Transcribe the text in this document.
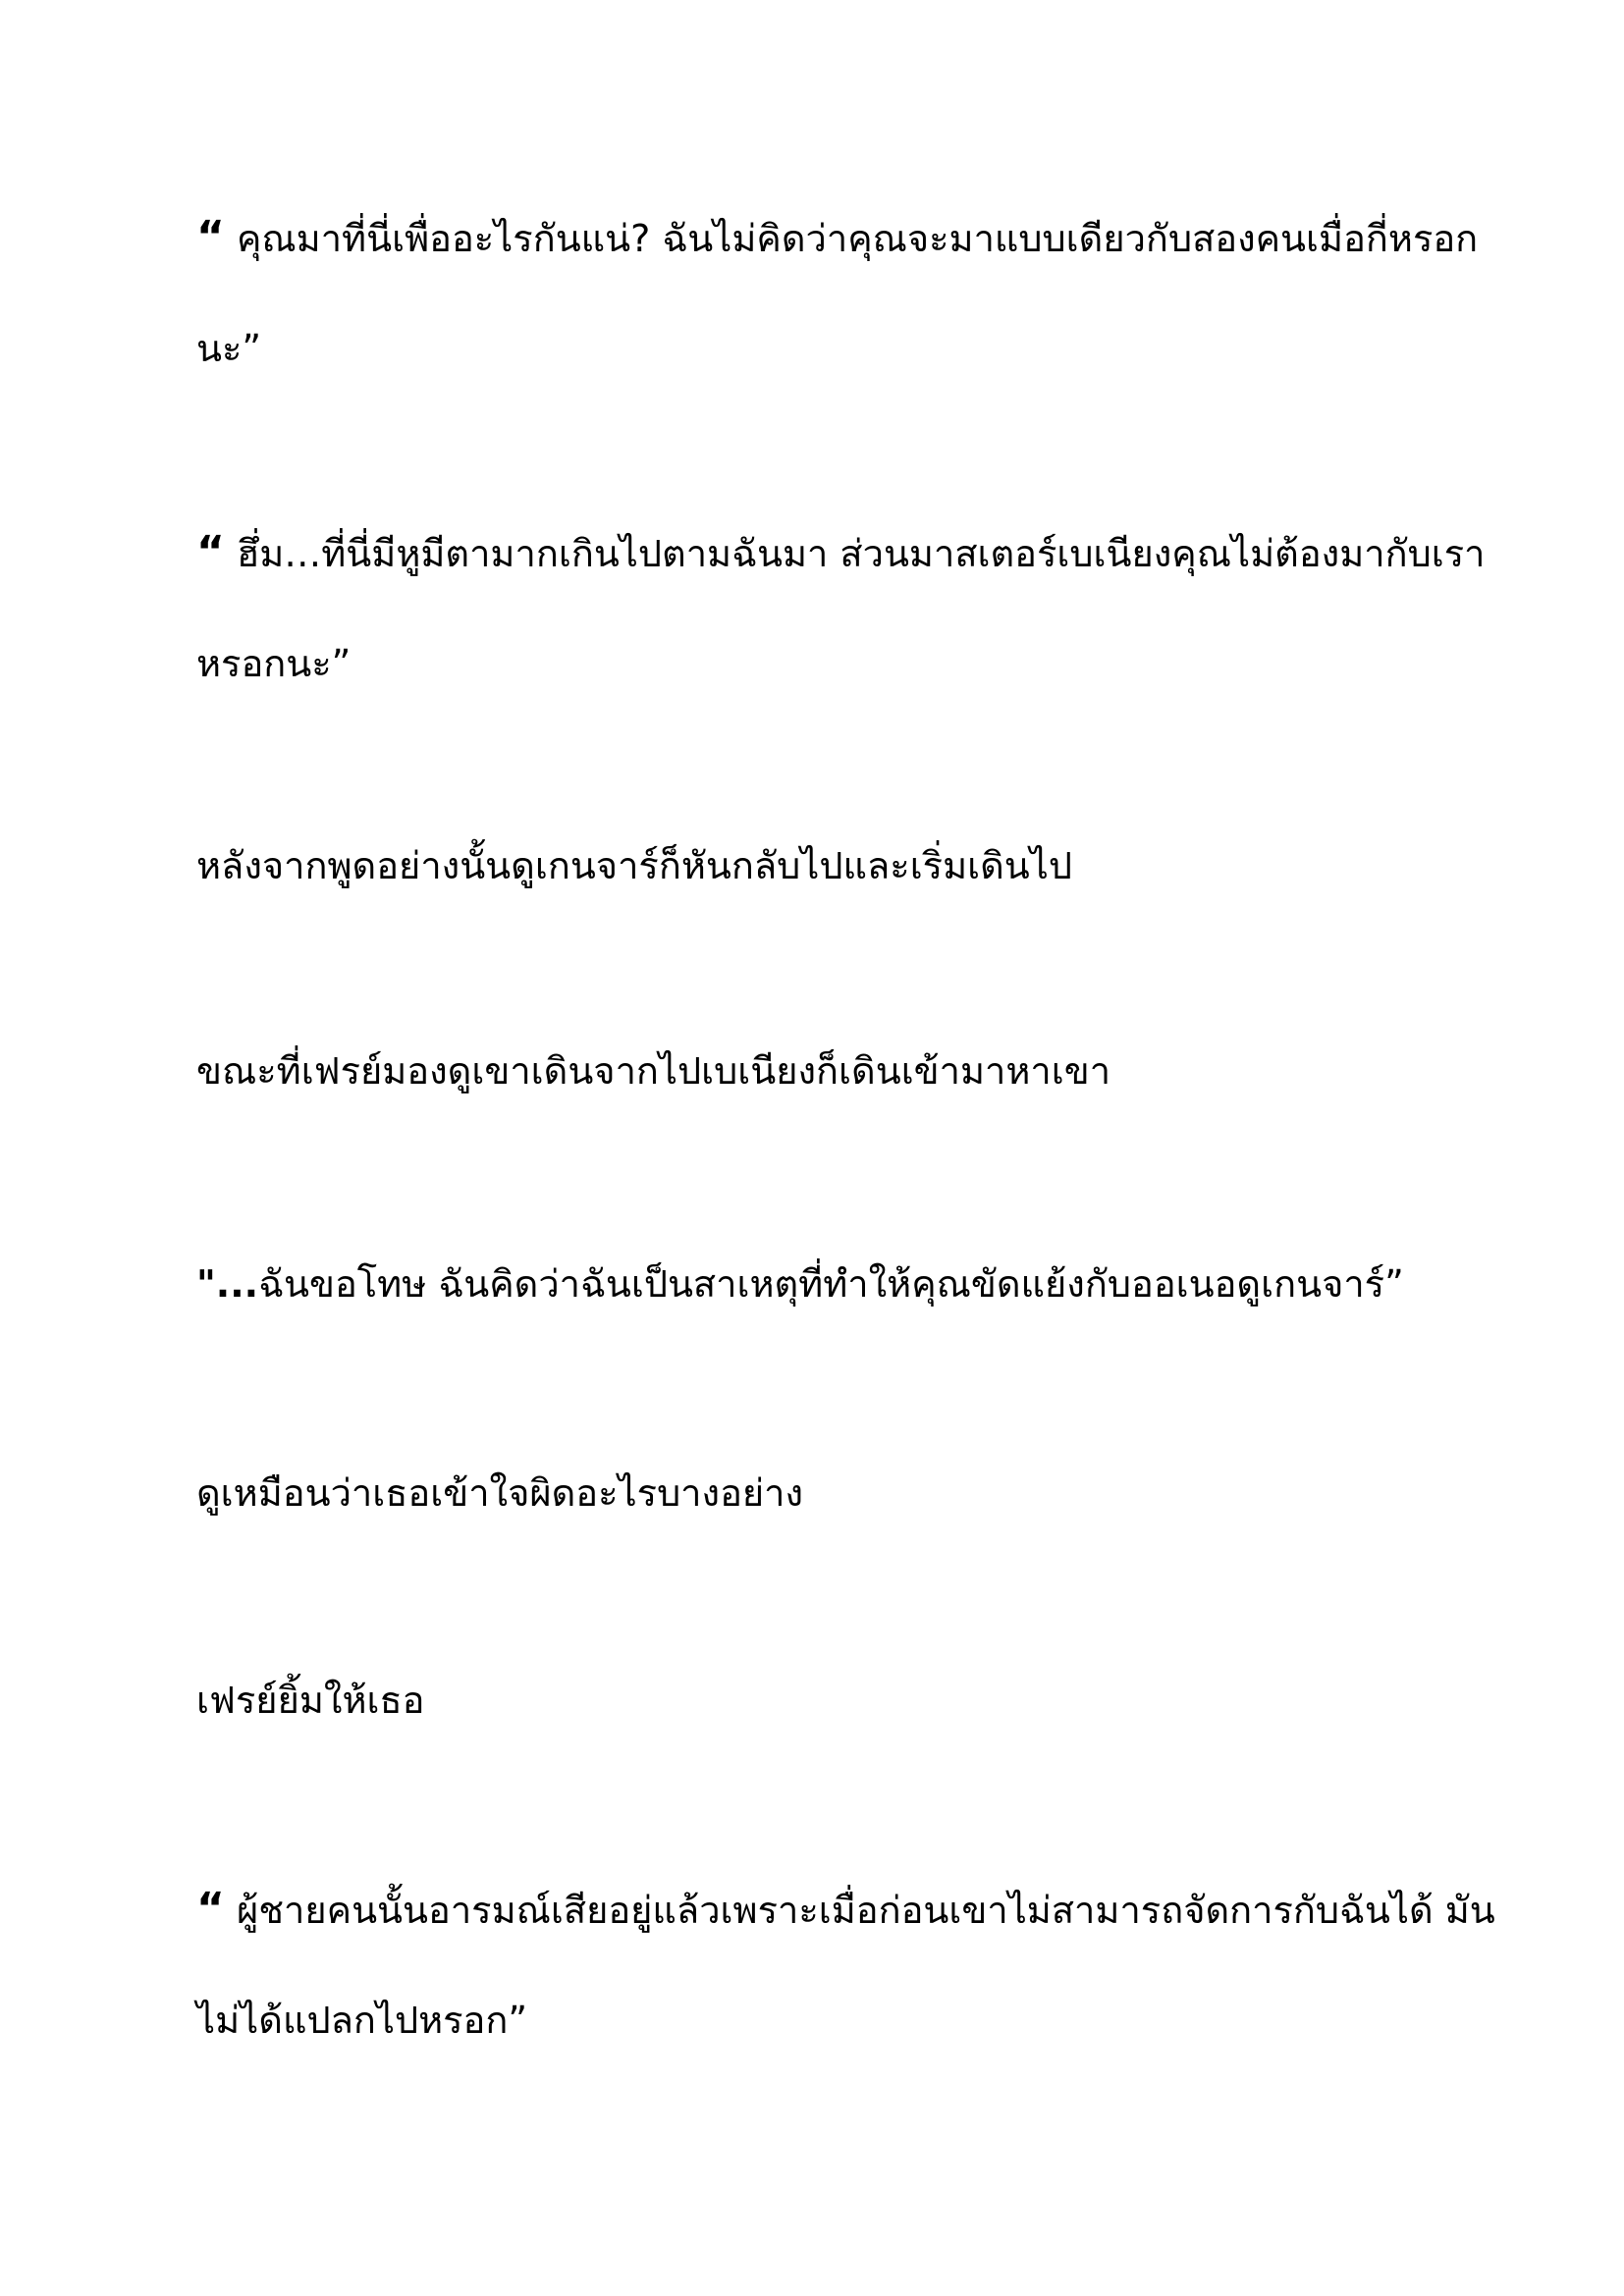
“ คุณมาที่นี่เพื่ออะไรกันแน่? ฉันไม่คิดว่าคุณจะมาแบบเดียวกับสองคนเมื่อกี่หรอก
นะ”
“ ฮึ่ม…ที่นี่มีหูมีตามากเกินไปตามฉันมา ส่วนมาสเตอร์เบเนียงคุณไม่ต้องมากับเรา
หรอกนะ”
หลังจากพูดอย่างนั้นดูเกนจาร์ก็หันกลับไปและเริ่มเดินไป
ขณะที่เฟรย์มองดูเขาเดินจากไปเบเนียงก็เดินเข้ามาหาเขา
"...ฉันขอโทษ ฉันคิดว่าฉันเป็นสาเหตุที่ทำให้คุณขัดแย้งกับออเนอดูเกนจาร์”
ดูเหมือนว่าเธอเข้าใจผิดอะไรบางอย่าง
เฟรย์ยิ้มให้เธอ
“ ผู้ชายคนนั้นอารมณ์เสียอยู่แล้วเพราะเมื่อก่อนเขาไม่สามารถจัดการกับฉันได้ มัน
ไม่ได้แปลกไปหรอก”
